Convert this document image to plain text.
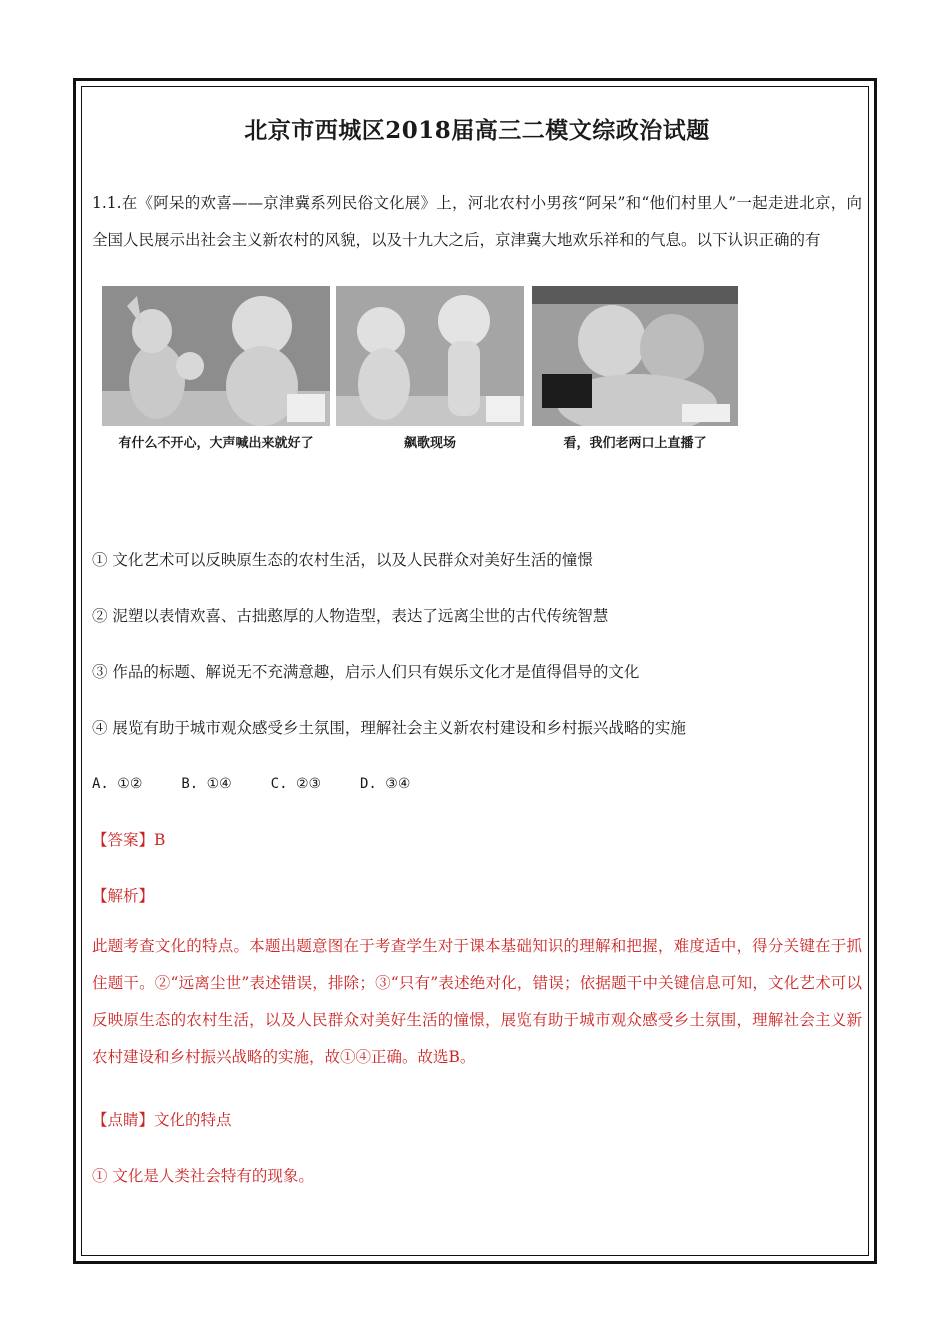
北京市西城区2018届高三二模文综政治试题
1.1.在《阿呆的欢喜——京津冀系列民俗文化展》上，河北农村小男孩“阿呆”和“他们村里人”一起走进北京，向全国人民展示出社会主义新农村的风貌，以及十九大之后，京津冀大地欢乐祥和的气息。以下认识正确的有
有什么不开心，大声喊出来就好了	飙歌现场	看，我们老两口上直播了

① 文化艺术可以反映原生态的农村生活，以及人民群众对美好生活的憧憬

② 泥塑以表情欢喜、古拙憨厚的人物造型，表达了远离尘世的古代传统智慧

③ 作品的标题、解说无不充满意趣，启示人们只有娱乐文化才是值得倡导的文化

④ 展览有助于城市观众感受乡土氛围，理解社会主义新农村建设和乡村振兴战略的实施

A. ①②	B. ①④	C. ②③	D. ③④

【答案】B

【解析】

此题考查文化的特点。本题出题意图在于考查学生对于课本基础知识的理解和把握，难度适中，得分关键在于抓住题干。②“远离尘世”表述错误，排除；③“只有”表述绝对化，错误；依据题干中关键信息可知，文化艺术可以反映原生态的农村生活，以及人民群众对美好生活的憧憬，展览有助于城市观众感受乡土氛围，理解社会主义新农村建设和乡村振兴战略的实施，故①④正确。故选B。

【点睛】文化的特点

① 文化是人类社会特有的现象。
